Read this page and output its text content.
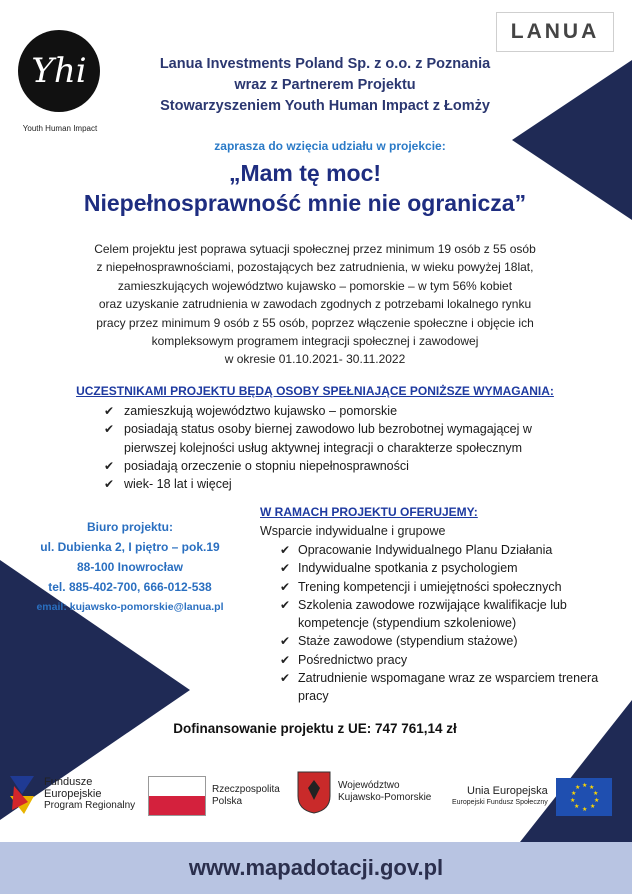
Yhi
Youth Human Impact
LANUA
Lanua Investments Poland Sp. z o.o. z Poznania
wraz z Partnerem Projektu
Stowarzyszeniem Youth Human Impact z Łomży
zaprasza do wzięcia udziału w projekcie:
„Mam tę moc!
Niepełnosprawność mnie nie ogranicza”
Celem projektu jest poprawa sytuacji społecznej przez minimum 19 osób z 55 osób
z niepełnosprawnościami, pozostających bez zatrudnienia, w wieku powyżej 18lat,
zamieszkujących województwo kujawsko – pomorskie – w tym 56% kobiet
oraz uzyskanie zatrudnienia w zawodach zgodnych z potrzebami lokalnego rynku
pracy przez minimum 9 osób z 55 osób, poprzez włączenie społeczne i objęcie ich
kompleksowym programem integracji społecznej i zawodowej
w okresie 01.10.2021- 30.11.2022
UCZESTNIKAMI PROJEKTU BĘDĄ OSOBY SPEŁNIAJĄCE PONIŻSZE WYMAGANIA:
✔ zamieszkują województwo kujawsko – pomorskie
✔ posiadają status osoby biernej zawodowo lub bezrobotnej wymagającej w pierwszej kolejności usług aktywnej integracji o charakterze społecznym
✔ posiadają orzeczenie o stopniu niepełnosprawności
✔ wiek- 18 lat i więcej
Biuro projektu:
ul. Dubienka 2, I piętro – pok.19
88-100 Inowrocław
tel. 885-402-700, 666-012-538
email: kujawsko-pomorskie@lanua.pl
W RAMACH PROJEKTU OFERUJEMY:
Wsparcie indywidualne i grupowe
✔ Opracowanie Indywidualnego Planu Działania
✔ Indywidualne spotkania z psychologiem
✔ Trening kompetencji i umiejętności społecznych
✔ Szkolenia zawodowe rozwijające kwalifikacje lub kompetencje (stypendium szkoleniowe)
✔ Staże zawodowe (stypendium stażowe)
✔ Pośrednictwo pracy
✔ Zatrudnienie wspomagane wraz ze wsparciem trenera pracy
Dofinansowanie projektu z UE: 747 761,14 zł
Fundusze
Europejskie
Program Regionalny
Rzeczpospolita
Polska
Województwo
Kujawsko-Pomorskie
Unia Europejska
Europejski Fundusz Społeczny
★ ★
★
★
★
★
★
★
★
★
www.mapadotacji.gov.pl
